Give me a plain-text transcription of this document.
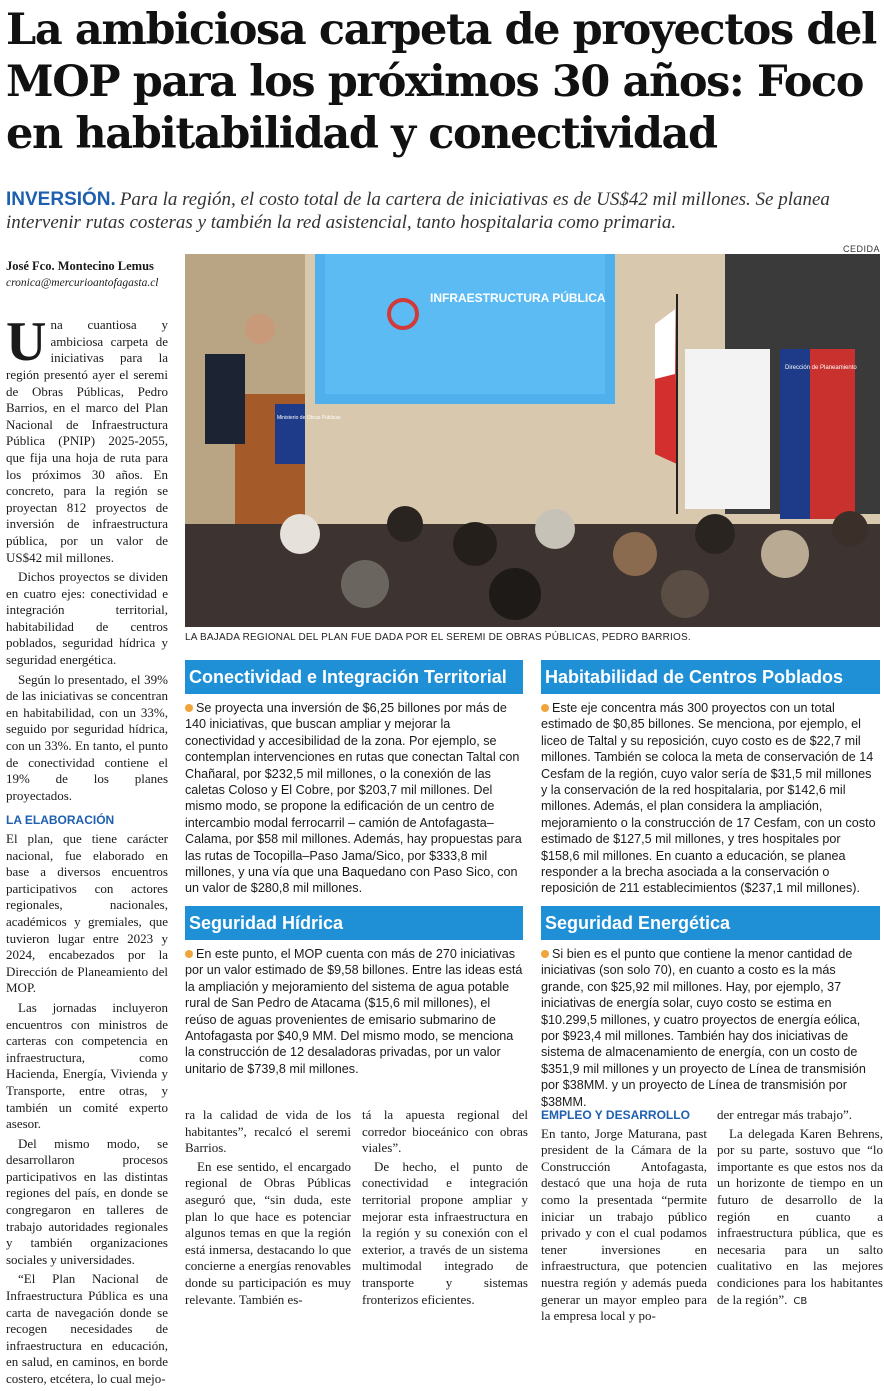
La ambiciosa carpeta de proyectos del MOP para los próximos 30 años: Foco en habitabilidad y conectividad
INVERSIÓN. Para la región, el costo total de la cartera de iniciativas es de US$42 mil millones. Se planea intervenir rutas costeras y también la red asistencial, tanto hospitalaria como primaria.
CEDIDA
José Fco. Montecino Lemus
cronica@mercurioantofagasta.cl

Una cuantiosa y ambiciosa carpeta de iniciativas para la región presentó ayer el seremi de Obras Públicas, Pedro Barrios, en el marco del Plan Nacional de Infraestructura Pública (PNIP) 2025-2055, que fija una hoja de ruta para los próximos 30 años. En concreto, para la región se proyectan 812 proyectos de inversión de infraestructura pública, por un valor de US$42 mil millones.

Dichos proyectos se dividen en cuatro ejes: conectividad e integración territorial, habitabilidad de centros poblados, seguridad hídrica y seguridad energética.

Según lo presentado, el 39% de las iniciativas se concentran en habitabilidad, con un 33%, seguido por seguridad hídrica, con un 33%. En tanto, el punto de conectividad contiene el 19% de los planes proyectados.

LA ELABORACIÓN

El plan, que tiene carácter nacional, fue elaborado en base a diversos encuentros participativos con actores regionales, nacionales, académicos y gremiales, que tuvieron lugar entre 2023 y 2024, encabezados por la Dirección de Planeamiento del MOP.

Las jornadas incluyeron encuentros con ministros de carteras con competencia en infraestructura, como Hacienda, Energía, Vivienda y Transporte, entre otras, y también un comité experto asesor.

Del mismo modo, se desarrollaron procesos participativos en las distintas regiones del país, en donde se congregaron en talleres de trabajo autoridades regionales y también organizaciones sociales y universidades.

“El Plan Nacional de Infraestructura Pública es una carta de navegación donde se recogen necesidades de infraestructura en educación, en salud, en caminos, en borde costero, etcétera, lo cual mejo-

INFRAESTRUCTURA PÚBLICA
Dirección de Planeamiento
Ministerio de Obras Públicas
LA BAJADA REGIONAL DEL PLAN FUE DADA POR EL SEREMI DE OBRAS PÚBLICAS, PEDRO BARRIOS.
Conectividad e Integración Territorial
Se proyecta una inversión de $6,25 billones por más de 140 iniciativas, que buscan ampliar y mejorar la conectividad y accesibilidad de la zona. Por ejemplo, se contemplan intervenciones en rutas que conectan Taltal con Chañaral, por $232,5 mil millones, o la conexión de las caletas Coloso y El Cobre, por $203,7 mil millones. Del mismo modo, se propone la edificación de un centro de intercambio modal ferrocarril – camión de Antofagasta–Calama, por $58 mil millones. Además, hay propuestas para las rutas de Tocopilla–Paso Jama/Sico, por $333,8 mil millones, y una vía que una Baquedano con Paso Sico, con un valor de $280,8 mil millones.
Habitabilidad de Centros Poblados
Este eje concentra más 300 proyectos con un total estimado de $0,85 billones. Se menciona, por ejemplo, el liceo de Taltal y su reposición, cuyo costo es de $22,7 mil millones. También se coloca la meta de conservación de 14 Cesfam de la región, cuyo valor sería de $31,5 mil millones y la conservación de la red hospitalaria, por $142,6 mil millones. Además, el plan considera la ampliación, mejoramiento o la construcción de 17 Cesfam, con un costo estimado de $127,5 mil millones, y tres hospitales por $158,6 mil millones. En cuanto a educación, se planea responder a la brecha asociada a la conservación o reposición de 211 establecimientos ($237,1 mil millones).
Seguridad Hídrica
En este punto, el MOP cuenta con más de 270 iniciativas por un valor estimado de $9,58 billones. Entre las ideas está la ampliación y mejoramiento del sistema de agua potable rural de San Pedro de Atacama ($15,6 mil millones), el reúso de aguas provenientes de emisario submarino de Antofagasta por $40,9 MM. Del mismo modo, se menciona la construcción de 12 desaladoras privadas, por un valor unitario de $739,8 mil millones.
Seguridad Energética
Si bien es el punto que contiene la menor cantidad de iniciativas (son solo 70), en cuanto a costo es la más grande, con $25,92 mil millones. Hay, por ejemplo, 37 iniciativas de energía solar, cuyo costo se estima en $10.299,5 millones, y cuatro proyectos de energía eólica, por $923,4 mil millones. También hay dos iniciativas de sistema de almacenamiento de energía, con un costo de $351,9 mil millones y un proyecto de Línea de transmisión por $38MM. y un proyecto de Línea de transmisión por $38MM.

ra la calidad de vida de los habitantes”, recalcó el seremi Barrios.

En ese sentido, el encargado regional de Obras Públicas aseguró que, “sin duda, este plan lo que hace es potenciar algunos temas en que la región está inmersa, destacando lo que concierne a energías renovables donde su participación es muy relevante. También es-

tá la apuesta regional del corredor bioceánico con obras viales”.

De hecho, el punto de conectividad e integración territorial propone ampliar y mejorar esta infraestructura en la región y su conexión con el exterior, a través de un sistema multimodal integrado de transporte y sistemas fronterizos eficientes.

EMPLEO Y DESARROLLO

En tanto, Jorge Maturana, past president de la Cámara de la Construcción Antofagasta, destacó que una hoja de ruta como la presentada “permite iniciar un trabajo público privado y con el cual podamos tener inversiones en infraestructura, que potencien nuestra región y además pueda generar un mayor empleo para la empresa local y po-

der entregar más trabajo”.

La delegada Karen Behrens, por su parte, sostuvo que “lo importante es que estos nos da un horizonte de tiempo en un futuro de desarrollo de la región en cuanto a infraestructura pública, que es necesaria para un salto cualitativo en las mejores condiciones para los habitantes de la región”. CB
